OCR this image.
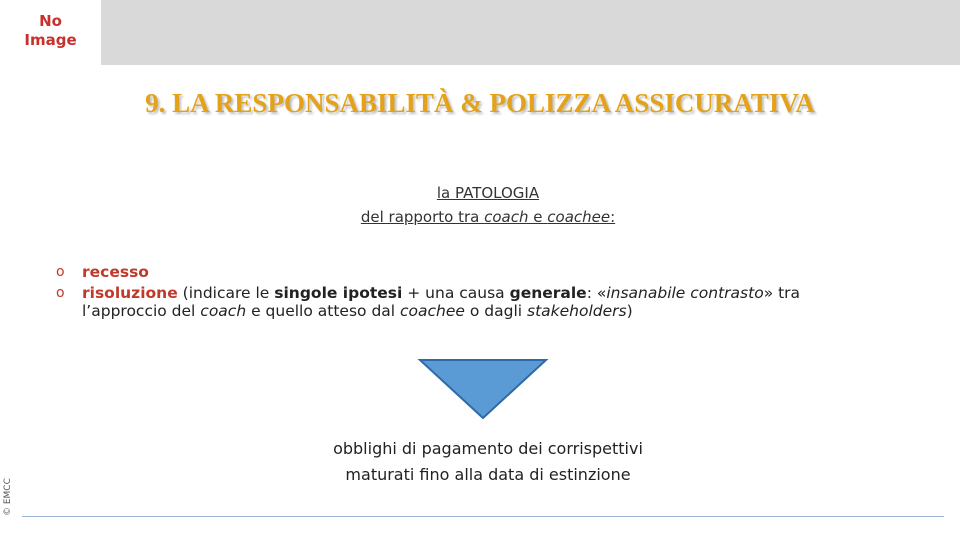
No
Image
9. LA RESPONSABILITÀ & POLIZZA ASSICURATIVA
la PATOLOGIA
del rapporto tra coach e coachee:
o recesso
o risoluzione (indicare le singole ipotesi + una causa generale: «insanabile contrasto» tra
l’approccio del coach e quello atteso dal coachee o dagli stakeholders)
obblighi di pagamento dei corrispettivi
maturati fino alla data di estinzione
© EMCC
